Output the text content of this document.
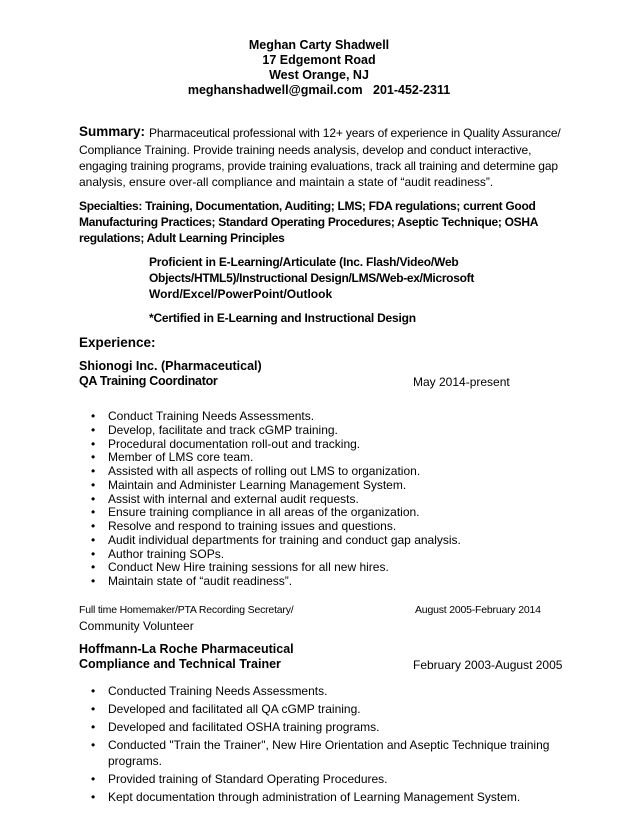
Meghan Carty Shadwell
17 Edgemont Road
West Orange, NJ
meghanshadwell@gmail.com 201-452-2311
Summary: Pharmaceutical professional with 12+ years of experience in Quality Assurance/
Compliance Training. Provide training needs analysis, develop and conduct interactive,
engaging training programs, provide training evaluations, track all training and determine gap
analysis, ensure over-all compliance and maintain a state of “audit readiness”.
Specialties: Training, Documentation, Auditing; LMS; FDA regulations; current Good
Manufacturing Practices; Standard Operating Procedures; Aseptic Technique; OSHA
regulations; Adult Learning Principles
Proficient in E-Learning/Articulate (Inc. Flash/Video/Web
Objects/HTML5)/Instructional Design/LMS/Web-ex/Microsoft
Word/Excel/PowerPoint/Outlook
*Certified in E-Learning and Instructional Design
Experience:
Shionogi Inc. (Pharmaceutical)
QA Training Coordinator	May 2014-present
• Conduct Training Needs Assessments.
• Develop, facilitate and track cGMP training.
• Procedural documentation roll-out and tracking.
• Member of LMS core team.
• Assisted with all aspects of rolling out LMS to organization.
• Maintain and Administer Learning Management System.
• Assist with internal and external audit requests.
• Ensure training compliance in all areas of the organization.
• Resolve and respond to training issues and questions.
• Audit individual departments for training and conduct gap analysis.
• Author training SOPs.
• Conduct New Hire training sessions for all new hires.
• Maintain state of “audit readiness”.
Full time Homemaker/PTA Recording Secretary/	August 2005-February 2014
Community Volunteer
Hoffmann-La Roche Pharmaceutical
Compliance and Technical Trainer	February 2003-August 2005
• Conducted Training Needs Assessments.
• Developed and facilitated all QA cGMP training.
• Developed and facilitated OSHA training programs.
• Conducted "Train the Trainer", New Hire Orientation and Aseptic Technique training
programs.
• Provided training of Standard Operating Procedures.
• Kept documentation through administration of Learning Management System.
